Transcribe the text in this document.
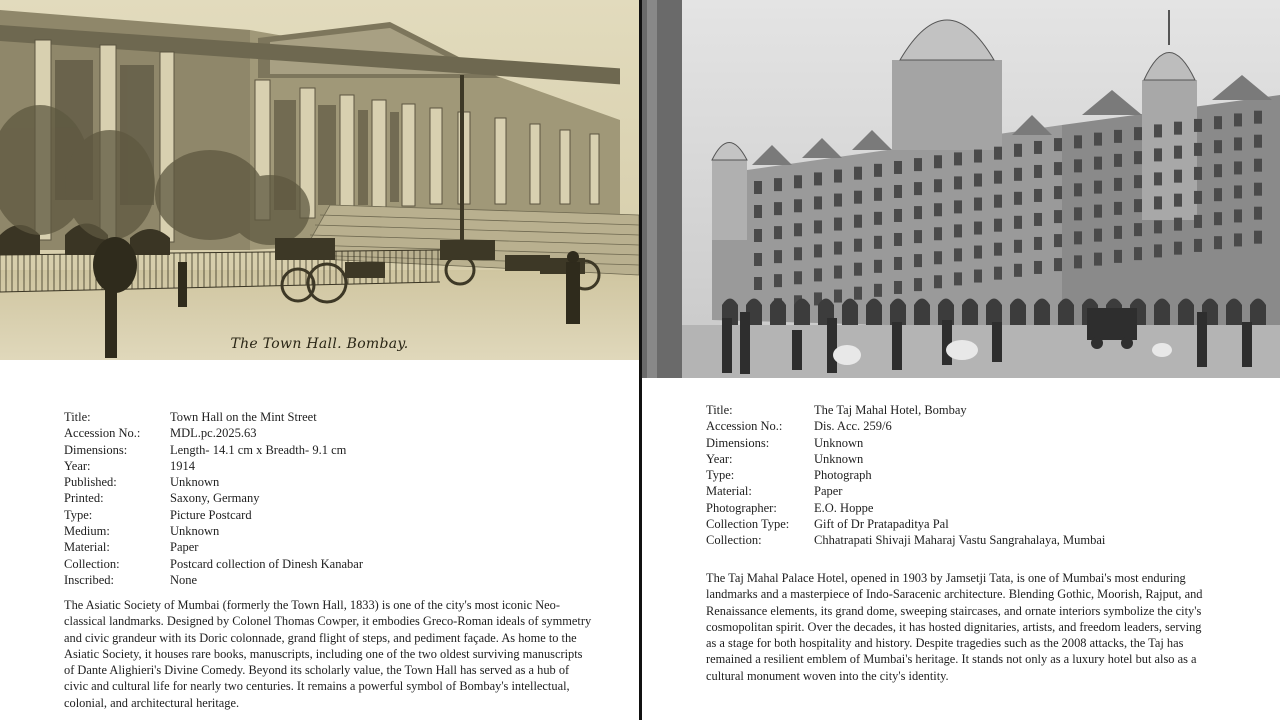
The Town Hall. Bombay.
Title:	Town Hall on the Mint Street
Accession No.:	MDL.pc.2025.63
Dimensions:	Length- 14.1 cm x Breadth- 9.1 cm
Year:	1914
Published:	Unknown
Printed:	Saxony, Germany
Type:	Picture Postcard
Medium:	Unknown
Material:	Paper
Collection:	Postcard collection of Dinesh Kanabar
Inscribed:	None

The Asiatic Society of Mumbai (formerly the Town Hall, 1833) is one of the city's most iconic Neo-classical landmarks. Designed by Colonel Thomas Cowper, it embodies Greco-Roman ideals of symmetry and civic grandeur with its Doric colonnade, grand flight of steps, and pediment façade. As home to the Asiatic Society, it houses rare books, manuscripts, including one of the two oldest surviving manuscripts of Dante Alighieri's Divine Comedy. Beyond its scholarly value, the Town Hall has served as a hub of civic and cultural life for nearly two centuries. It remains a powerful symbol of Bombay's intellectual, colonial, and architectural heritage.

Title:	The Taj Mahal Hotel, Bombay
Accession No.:	Dis. Acc. 259/6
Dimensions:	Unknown
Year:	Unknown
Type:	Photograph
Material:	Paper
Photographer:	E.O. Hoppe
Collection Type:	Gift of Dr Pratapaditya Pal
Collection:	Chhatrapati Shivaji Maharaj Vastu Sangrahalaya, Mumbai

The Taj Mahal Palace Hotel, opened in 1903 by Jamsetji Tata, is one of Mumbai's most enduring landmarks and a masterpiece of Indo-Saracenic architecture. Blending Gothic, Moorish, Rajput, and Renaissance elements, its grand dome, sweeping staircases, and ornate interiors symbolize the city's cosmopolitan spirit. Over the decades, it has hosted dignitaries, artists, and freedom leaders, serving as a stage for both hospitality and history. Despite tragedies such as the 2008 attacks, the Taj has remained a resilient emblem of Mumbai's heritage. It stands not only as a luxury hotel but also as a cultural monument woven into the city's identity.
